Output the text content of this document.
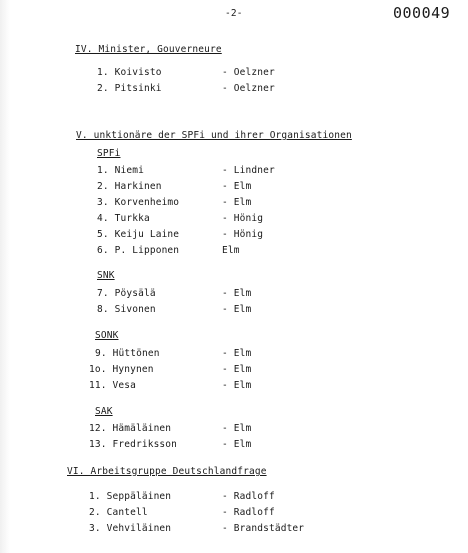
-2-	000049
IV. Minister, Gouverneure
1. Koivisto	- Oelzner
2. Pitsinki	- Oelzner
V. unktionäre der SPFi und ihrer Organisationen
SPFi
1. Niemi	- Lindner
2. Harkinen	- Elm
3. Korvenheimo	- Elm
4. Turkka	- Hönig
5. Keiju Laine	- Hönig
6. P. Lipponen	Elm
SNK
7. Pöysälä	- Elm
8. Sivonen	- Elm
SONK
9. Hüttönen	- Elm
1o. Hynynen	- Elm
11. Vesa	- Elm
SAK
12. Hämäläinen	- Elm
13. Fredriksson	- Elm
VI. Arbeitsgruppe Deutschlandfrage
1. Seppäläinen	- Radloff
2. Cantell	- Radloff
3. Vehviläinen	- Brandstädter
